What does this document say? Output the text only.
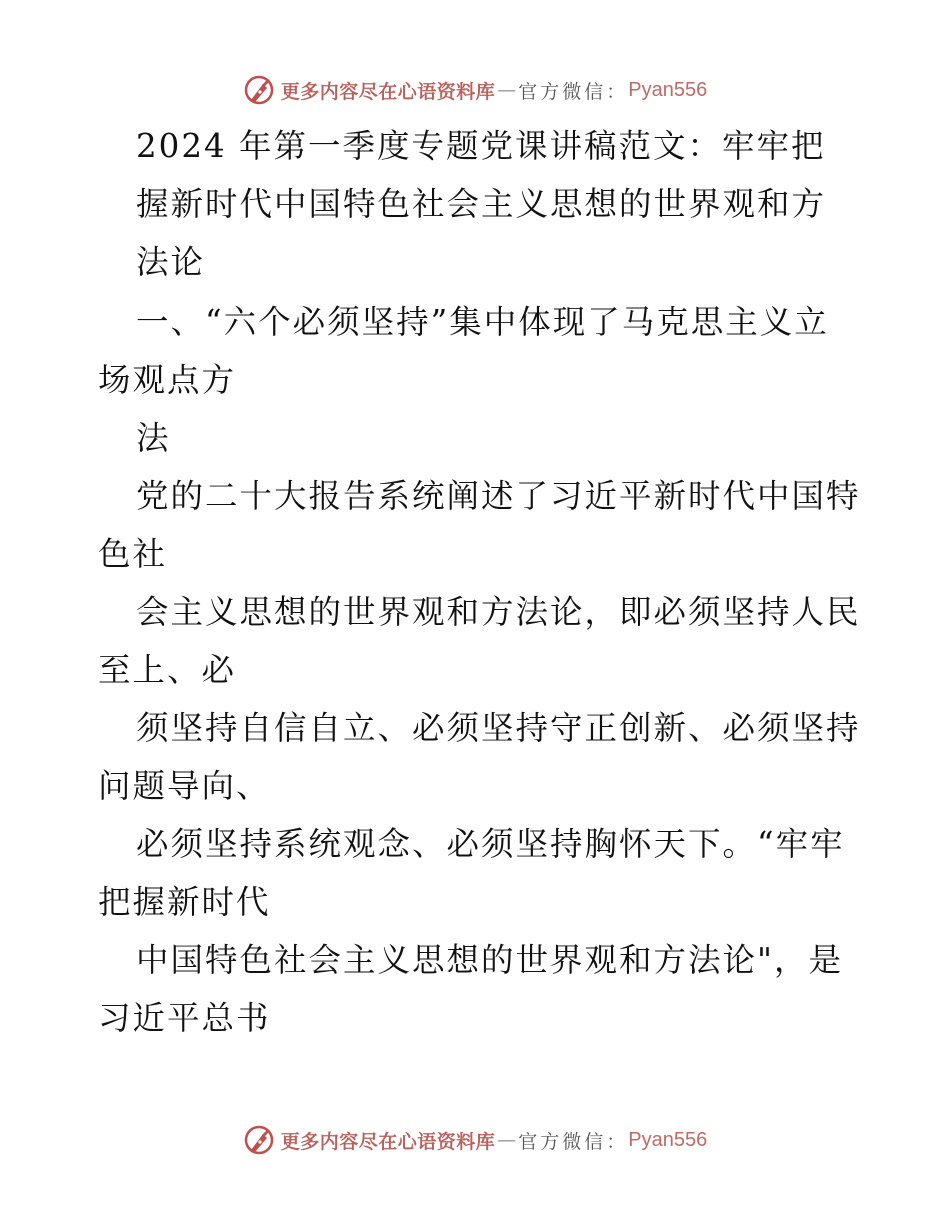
更多内容尽在心语资料库 — 官方微信： Pyan556
2024 年第一季度专题党课讲稿范文：牢牢把
握新时代中国特色社会主义思想的世界观和方
法论
一、“六个必须坚持”集中体现了马克思主义立
场观点方
法
党的二十大报告系统阐述了习近平新时代中国特
色社
会主义思想的世界观和方法论，即必须坚持人民
至上、必
须坚持自信自立、必须坚持守正创新、必须坚持
问题导向、
必须坚持系统观念、必须坚持胸怀天下。“牢牢
把握新时代
中国特色社会主义思想的世界观和方法论"，是
习近平总书
更多内容尽在心语资料库 — 官方微信： Pyan556
